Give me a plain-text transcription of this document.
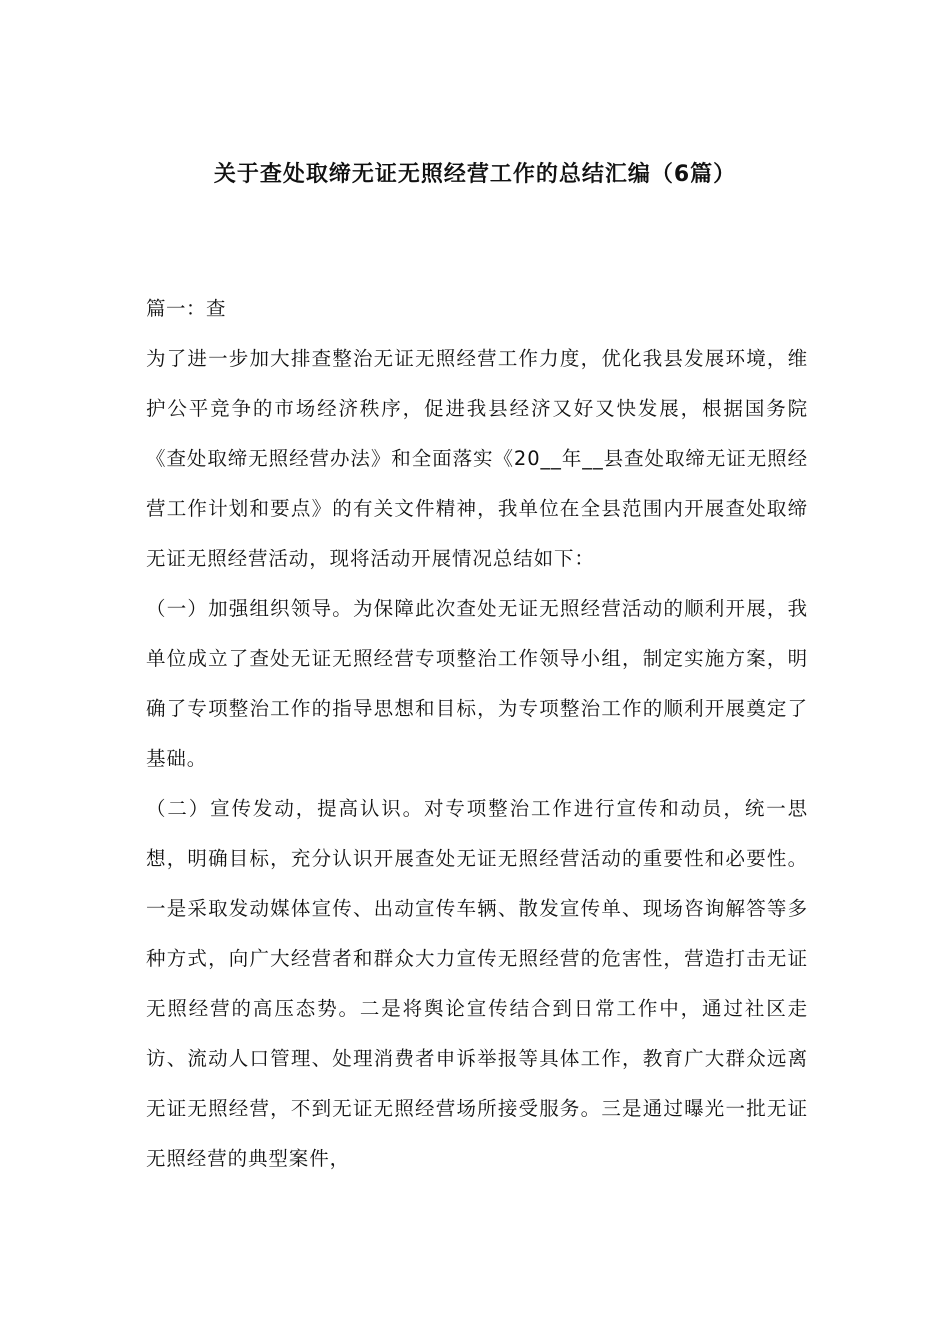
关于查处取缔无证无照经营工作的总结汇编（6篇）

篇一：查

为了进一步加大排查整治无证无照经营工作力度，优化我县发展环境，维护公平竞争的市场经济秩序，促进我县经济又好又快发展，根据国务院《查处取缔无照经营办法》和全面落实《20__年__县查处取缔无证无照经营工作计划和要点》的有关文件精神，我单位在全县范围内开展查处取缔无证无照经营活动，现将活动开展情况总结如下：

（一）加强组织领导。为保障此次查处无证无照经营活动的顺利开展，我单位成立了查处无证无照经营专项整治工作领导小组，制定实施方案，明确了专项整治工作的指导思想和目标，为专项整治工作的顺利开展奠定了基础。

（二）宣传发动，提高认识。对专项整治工作进行宣传和动员，统一思想，明确目标，充分认识开展查处无证无照经营活动的重要性和必要性。一是采取发动媒体宣传、出动宣传车辆、散发宣传单、现场咨询解答等多种方式，向广大经营者和群众大力宣传无照经营的危害性，营造打击无证无照经营的高压态势。二是将舆论宣传结合到日常工作中，通过社区走访、流动人口管理、处理消费者申诉举报等具体工作，教育广大群众远离无证无照经营，不到无证无照经营场所接受服务。三是通过曝光一批无证无照经营的典型案件，
